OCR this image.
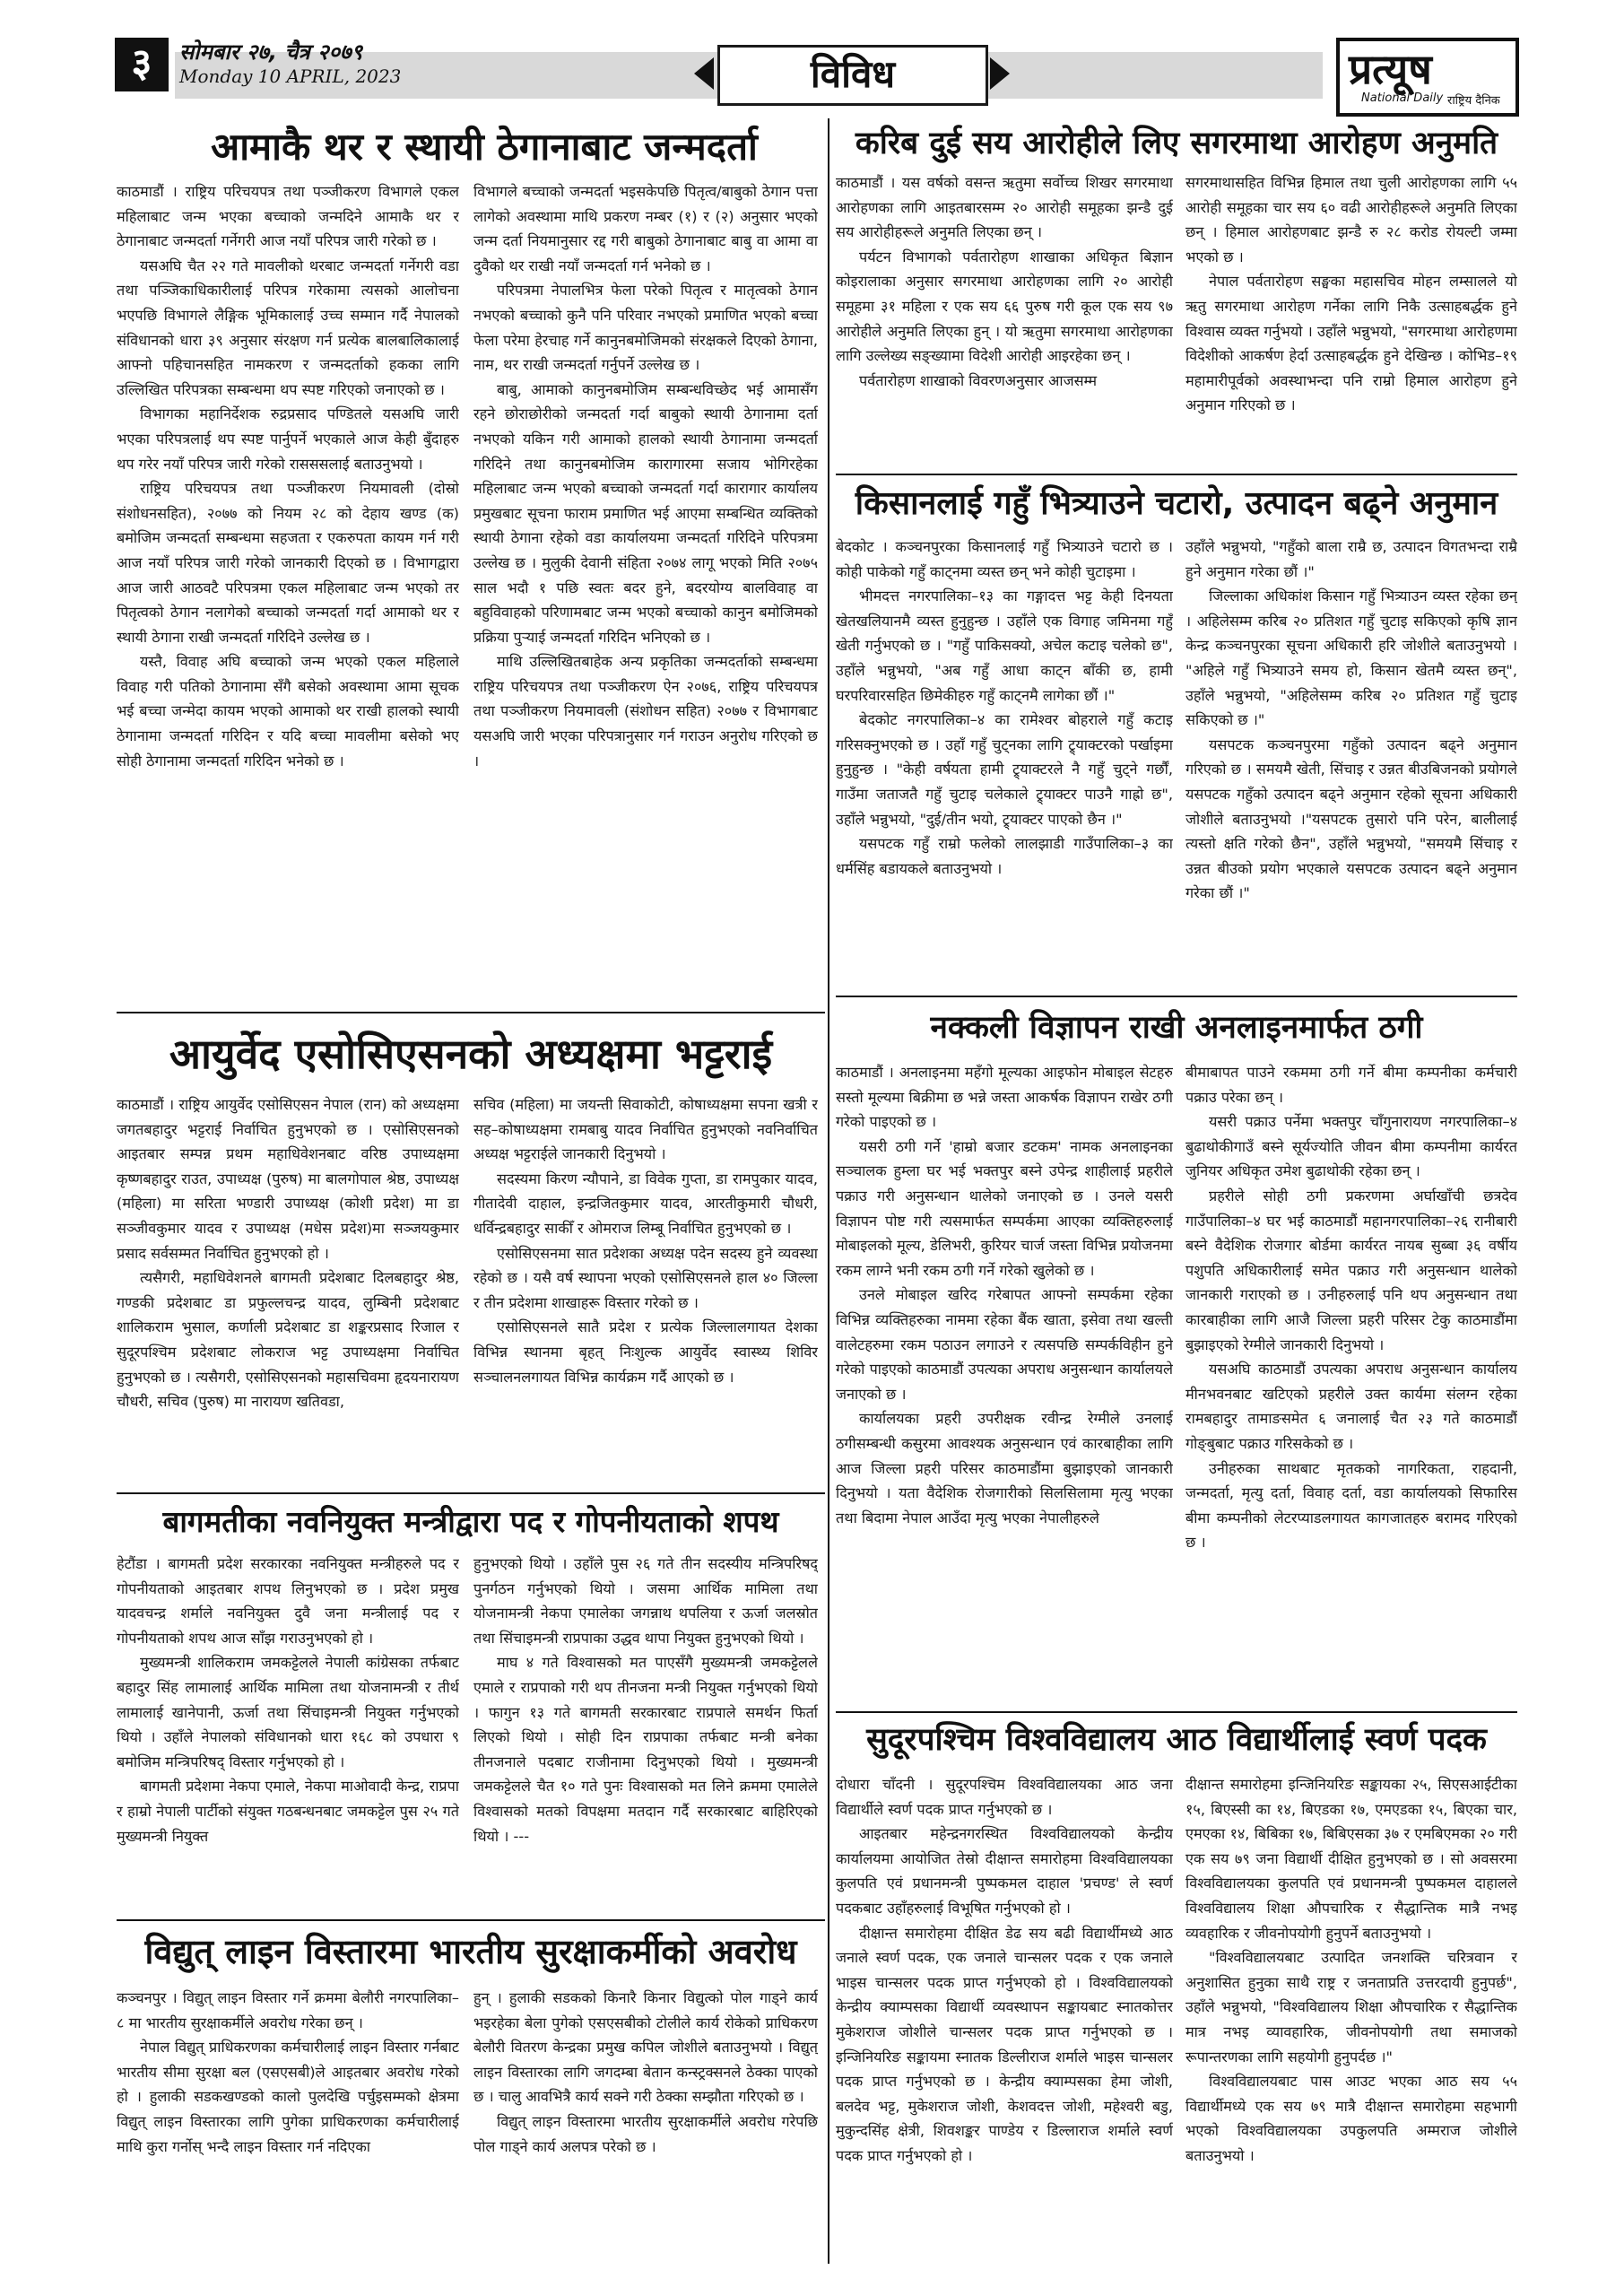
३	सोमबार २७, चैत्र २०७९
Monday 10 APRIL, 2023	विविध	प्रत्यूष
National Daily राष्ट्रिय दैनिक
आमाकै थर र स्थायी ठेगानाबाट जन्मदर्ता

काठमाडौं । राष्ट्रिय परिचयपत्र तथा पञ्जीकरण विभागले एकल महिलाबाट जन्म भएका बच्चाको जन्मदिने आमाकै थर र ठेगानाबाट जन्मदर्ता गर्नेगरी आज नयाँ परिपत्र जारी गरेको छ ।

यसअघि चैत २२ गते मावलीको थरबाट जन्मदर्ता गर्नेगरी वडा तथा पञ्जिकाधिकारीलाई परिपत्र गरेकामा त्यसको आलोचना भएपछि विभागले लैङ्गिक भूमिकालाई उच्च सम्मान गर्दै नेपालको संविधानको धारा ३९ अनुसार संरक्षण गर्न प्रत्येक बालबालिकालाई आफ्नो पहिचानसहित नामकरण र जन्मदर्ताको हकका लागि उल्लिखित परिपत्रका सम्बन्धमा थप स्पष्ट गरिएको जनाएको छ ।

विभागका महानिर्देशक रुद्रप्रसाद पण्डितले यसअघि जारी भएका परिपत्रलाई थप स्पष्ट पार्नुपर्ने भएकाले आज केही बुँदाहरु थप गरेर नयाँ परिपत्र जारी गरेको रासससलाई बताउनुभयो ।

राष्ट्रिय परिचयपत्र तथा पञ्जीकरण नियमावली (दोस्रो संशोधनसहित), २०७७ को नियम २८ को देहाय खण्ड (क) बमोजिम जन्मदर्ता सम्बन्धमा सहजता र एकरुपता कायम गर्न गरी आज नयाँ परिपत्र जारी गरेको जानकारी दिएको छ । विभागद्वारा आज जारी आठवटै परिपत्रमा एकल महिलाबाट जन्म भएको तर पितृत्वको ठेगान नलागेको बच्चाको जन्मदर्ता गर्दा आमाको थर र स्थायी ठेगाना राखी जन्मदर्ता गरिदिने उल्लेख छ ।

यस्तै, विवाह अघि बच्चाको जन्म भएको एकल महिलाले विवाह गरी पतिको ठेगानामा सँगै बसेको अवस्थामा आमा सूचक भई बच्चा जन्मेदा कायम भएको आमाको थर राखी हालको स्थायी ठेगानामा जन्मदर्ता गरिदिन र यदि बच्चा मावलीमा बसेको भए सोही ठेगानामा जन्मदर्ता गरिदिन भनेको छ ।

विभागले बच्चाको जन्मदर्ता भइसकेपछि पितृत्व/बाबुको ठेगान पत्ता लागेको अवस्थामा माथि प्रकरण नम्बर (१) र (२) अनुसार भएको जन्म दर्ता नियमानुसार रद्द गरी बाबुको ठेगानाबाट बाबु वा आमा वा दुवैको थर राखी नयाँ जन्मदर्ता गर्न भनेको छ ।

परिपत्रमा नेपालभित्र फेला परेको पितृत्व र मातृत्वको ठेगान नभएको बच्चाको कुनै पनि परिवार नभएको प्रमाणित भएको बच्चा फेला परेमा हेरचाह गर्ने कानुनबमोजिमको संरक्षकले दिएको ठेगाना, नाम, थर राखी जन्मदर्ता गर्नुपर्ने उल्लेख छ ।

बाबु, आमाको कानुनबमोजिम सम्बन्धविच्छेद भई आमासँग रहने छोराछोरीको जन्मदर्ता गर्दा बाबुको स्थायी ठेगानामा दर्ता नभएको यकिन गरी आमाको हालको स्थायी ठेगानामा जन्मदर्ता गरिदिने तथा कानुनबमोजिम कारागारमा सजाय भोगिरहेका महिलाबाट जन्म भएको बच्चाको जन्मदर्ता गर्दा कारागार कार्यालय प्रमुखबाट सूचना फाराम प्रमाणित भई आएमा सम्बन्धित व्यक्तिको स्थायी ठेगाना रहेको वडा कार्यालयमा जन्मदर्ता गरिदिने परिपत्रमा उल्लेख छ । मुलुकी देवानी संहिता २०७४ लागू भएको मिति २०७५ साल भदौ १ पछि स्वतः बदर हुने, बदरयोग्य बालविवाह वा बहुविवाहको परिणामबाट जन्म भएको बच्चाको कानुन बमोजिमको प्रक्रिया पुऱ्याई जन्मदर्ता गरिदिन भनिएको छ ।

माथि उल्लिखितबाहेक अन्य प्रकृतिका जन्मदर्ताको सम्बन्धमा राष्ट्रिय परिचयपत्र तथा पञ्जीकरण ऐन २०७६, राष्ट्रिय परिचयपत्र तथा पञ्जीकरण नियमावली (संशोधन सहित) २०७७ र विभागबाट यसअघि जारी भएका परिपत्रानुसार गर्न गराउन अनुरोध गरिएको छ ।

आयुर्वेद एसोसिएसनको अध्यक्षमा भट्टराई

काठमाडौं । राष्ट्रिय आयुर्वेद एसोसिएसन नेपाल (रान) को अध्यक्षमा जगतबहादुर भट्टराई निर्वाचित हुनुभएको छ । एसोसिएसनको आइतबार सम्पन्न प्रथम महाधिवेशनबाट वरिष्ठ उपाध्यक्षमा कृष्णबहादुर राउत, उपाध्यक्ष (पुरुष) मा बालगोपाल श्रेष्ठ, उपाध्यक्ष (महिला) मा सरिता भण्डारी उपाध्यक्ष (कोशी प्रदेश) मा डा सञ्जीवकुमार यादव र उपाध्यक्ष (मधेस प्रदेश)मा सञ्जयकुमार प्रसाद सर्वसम्मत निर्वाचित हुनुभएको हो ।

त्यसैगरी, महाधिवेशनले बागमती प्रदेशबाट दिलबहादुर श्रेष्ठ, गण्डकी प्रदेशबाट डा प्रफुल्लचन्द्र यादव, लुम्बिनी प्रदेशबाट शालिकराम भुसाल, कर्णाली प्रदेशबाट डा शङ्करप्रसाद रिजाल र सुदूरपश्चिम प्रदेशबाट लोकराज भट्ट उपाध्यक्षमा निर्वाचित हुनुभएको छ । त्यसैगरी, एसोसिएसनको महासचिवमा हृदयनारायण चौधरी, सचिव (पुरुष) मा नारायण खतिवडा,

सचिव (महिला) मा जयन्ती सिवाकोटी, कोषाध्यक्षमा सपना खत्री र सह–कोषाध्यक्षमा रामबाबु यादव निर्वाचित हुनुभएको नवनिर्वाचित अध्यक्ष भट्टराईले जानकारी दिनुभयो ।

सदस्यमा किरण न्यौपाने, डा विवेक गुप्ता, डा रामपुकार यादव, गीतादेवी दाहाल, इन्द्रजितकुमार यादव, आरतीकुमारी चौधरी, धर्विन्द्रबहादुर साकीँ र ओमराज लिम्बू निर्वाचित हुनुभएको छ ।

एसोसिएसनमा सात प्रदेशका अध्यक्ष पदेन सदस्य हुने व्यवस्था रहेको छ । यसै वर्ष स्थापना भएको एसोसिएसनले हाल ४० जिल्ला र तीन प्रदेशमा शाखाहरू विस्तार गरेको छ ।

एसोसिएसनले सातै प्रदेश र प्रत्येक जिल्लालगायत देशका विभिन्न स्थानमा बृहत् निःशुल्क आयुर्वेद स्वास्थ्य शिविर सञ्चालनलगायत विभिन्न कार्यक्रम गर्दै आएको छ ।

बागमतीका नवनियुक्त मन्त्रीद्वारा पद र गोपनीयताको शपथ

हेटौंडा । बागमती प्रदेश सरकारका नवनियुक्त मन्त्रीहरुले पद र गोपनीयताको आइतबार शपथ लिनुभएको छ । प्रदेश प्रमुख यादवचन्द्र शर्माले नवनियुक्त दुवै जना मन्त्रीलाई पद र गोपनीयताको शपथ आज साँझ गराउनुभएको हो ।

मुख्यमन्त्री शालिकराम जमकट्टेलले नेपाली कांग्रेसका तर्फबाट बहादुर सिंह लामालाई आर्थिक मामिला तथा योजनामन्त्री र तीर्थ लामालाई खानेपानी, ऊर्जा तथा सिंचाइमन्त्री नियुक्त गर्नुभएको थियो । उहाँले नेपालको संविधानको धारा १६८ को उपधारा ९ बमोजिम मन्त्रिपरिषद् विस्तार गर्नुभएको हो ।

बागमती प्रदेशमा नेकपा एमाले, नेकपा माओवादी केन्द्र, राप्रपा र हाम्रो नेपाली पार्टीको संयुक्त गठबन्धनबाट जमकट्टेल पुस २५ गते मुख्यमन्त्री नियुक्त

हुनुभएको थियो । उहाँले पुस २६ गते तीन सदस्यीय मन्त्रिपरिषद् पुनर्गठन गर्नुभएको थियो । जसमा आर्थिक मामिला तथा योजनामन्त्री नेकपा एमालेका जगन्नाथ थपलिया र ऊर्जा जलस्रोत तथा सिंचाइमन्त्री राप्रपाका उद्धव थापा नियुक्त हुनुभएको थियो ।

माघ ४ गते विश्वासको मत पाएसँगै मुख्यमन्त्री जमकट्टेलले एमाले र राप्रपाको गरी थप तीनजना मन्त्री नियुक्त गर्नुभएको थियो । फागुन १३ गते बागमती सरकारबाट राप्रपाले समर्थन फिर्ता लिएको थियो । सोही दिन राप्रपाका तर्फबाट मन्त्री बनेका तीनजनाले पदबाट राजीनामा दिनुभएको थियो । मुख्यमन्त्री जमकट्टेलले चैत १० गते पुनः विश्वासको मत लिने क्रममा एमालेले विश्वासको मतको विपक्षमा मतदान गर्दै सरकारबाट बाहिरिएको थियो । ---

विद्युत् लाइन विस्तारमा भारतीय सुरक्षाकर्मीको अवरोध

कञ्चनपुर । विद्युत् लाइन विस्तार गर्ने क्रममा बेलौरी नगरपालिका–८ मा भारतीय सुरक्षाकर्मीले अवरोध गरेका छन् ।

नेपाल विद्युत् प्राधिकरणका कर्मचारीलाई लाइन विस्तार गर्नबाट भारतीय सीमा सुरक्षा बल (एसएसबी)ले आइतबार अवरोध गरेको हो । हुलाकी सडकखण्डको कालो पुलदेखि पर्चुइसम्मको क्षेत्रमा विद्युत् लाइन विस्तारका लागि पुगेका प्राधिकरणका कर्मचारीलाई माथि कुरा गर्नोस् भन्दै लाइन विस्तार गर्न नदिएका

हुन् । हुलाकी सडकको किनारै किनार विद्युत्को पोल गाड्ने कार्य भइरहेका बेला पुगेको एसएसबीको टोलीले कार्य रोकेको प्राधिकरण बेलौरी वितरण केन्द्रका प्रमुख कपिल जोशीले बताउनुभयो । विद्युत् लाइन विस्तारका लागि जगदम्बा बेतान कन्स्ट्रक्सनले ठेक्का पाएको छ । चालु आवभित्रै कार्य सक्ने गरी ठेक्का सम्झौता गरिएको छ ।

विद्युत् लाइन विस्तारमा भारतीय सुरक्षाकर्मीले अवरोध गरेपछि पोल गाड्ने कार्य अलपत्र परेको छ ।

करिब दुई सय आरोहीले लिए सगरमाथा आरोहण अनुमति

काठमाडौं । यस वर्षको वसन्त ऋतुमा सर्वोच्च शिखर सगरमाथा आरोहणका लागि आइतबारसम्म २० आरोही समूहका झन्डै दुई सय आरोहीहरूले अनुमति लिएका छन् ।

पर्यटन विभागको पर्वतारोहण शाखाका अधिकृत बिज्ञान कोइरालाका अनुसार सगरमाथा आरोहणका लागि २० आरोही समूहमा ३१ महिला र एक सय ६६ पुरुष गरी कूल एक सय ९७ आरोहीले अनुमति लिएका हुन् । यो ऋतुमा सगरमाथा आरोहणका लागि उल्लेख्य सङ्ख्यामा विदेशी आरोही आइरहेका छन् ।

पर्वतारोहण शाखाको विवरणअनुसार आजसम्म

सगरमाथासहित विभिन्न हिमाल तथा चुली आरोहणका लागि ५५ आरोही समूहका चार सय ६० वढी आरोहीहरूले अनुमति लिएका छन् । हिमाल आरोहणबाट झन्डै रु २८ करोड रोयल्टी जम्मा भएको छ ।

नेपाल पर्वतारोहण सङ्घका महासचिव मोहन लम्सालले यो ऋतु सगरमाथा आरोहण गर्नेका लागि निकै उत्साहबर्द्धक हुने विश्वास व्यक्त गर्नुभयो । उहाँले भन्नुभयो, "सगरमाथा आरोहणमा विदेशीको आकर्षण हेर्दा उत्साहबर्द्धक हुने देखिन्छ । कोभिड–१९ महामारीपूर्वको अवस्थाभन्दा पनि राम्रो हिमाल आरोहण हुने अनुमान गरिएको छ ।

किसानलाई गहुँ भित्र्याउने चटारो, उत्पादन बढ्ने अनुमान

बेदकोट । कञ्चनपुरका किसानलाई गहुँ भित्र्याउने चटारो छ । कोही पाकेको गहुँ काट्नमा व्यस्त छन् भने कोही चुटाइमा ।

भीमदत्त नगरपालिका–१३ का गङ्गादत्त भट्ट केही दिनयता खेतखलियानमै व्यस्त हुनुहुन्छ । उहाँले एक विगाह जमिनमा गहुँ खेती गर्नुभएको छ । "गहुँ पाकिसक्यो, अचेल कटाइ चलेको छ", उहाँले भन्नुभयो, "अब गहुँ आधा काट्न बाँकी छ, हामी घरपरिवारसहित छिमेकीहरु गहुँ काट्नमै लागेका छौं ।"

बेदकोट नगरपालिका–४ का रामेश्वर बोहराले गहुँ कटाइ गरिसक्नुभएको छ । उहाँ गहुँ चुट्नका लागि ट्र्याक्टरको पर्खाइमा हुनुहुन्छ । "केही वर्षयता हामी ट्र्याक्टरले नै गहुँ चुट्ने गर्छौं, गाउँमा जताजतै गहुँ चुटाइ चलेकाले ट्र्याक्टर पाउनै गाह्रो छ", उहाँले भन्नुभयो, "दुई/तीन भयो, ट्र्याक्टर पाएको छैन ।"

यसपटक गहुँ राम्रो फलेको लालझाडी गाउँपालिका–३ का धर्मसिंह बडायकले बताउनुभयो ।

उहाँले भन्नुभयो, "गहुँको बाला राम्रै छ, उत्पादन विगतभन्दा राम्रै हुने अनुमान गरेका छौं ।"

जिल्लाका अधिकांश किसान गहुँ भित्र्याउन व्यस्त रहेका छन् । अहिलेसम्म करिब २० प्रतिशत गहुँ चुटाइ सकिएको कृषि ज्ञान केन्द्र कञ्चनपुरका सूचना अधिकारी हरि जोशीले बताउनुभयो । "अहिले गहुँ भित्र्याउने समय हो, किसान खेतमै व्यस्त छन्", उहाँले भन्नुभयो, "अहिलेसम्म करिब २० प्रतिशत गहुँ चुटाइ सकिएको छ ।"

यसपटक कञ्चनपुरमा गहुँको उत्पादन बढ्ने अनुमान गरिएको छ । समयमै खेती, सिंचाइ र उन्नत बीउबिजनको प्रयोगले यसपटक गहुँको उत्पादन बढ्ने अनुमान रहेको सूचना अधिकारी जोशीले बताउनुभयो ।"यसपटक तुसारो पनि परेन, बालीलाई त्यस्तो क्षति गरेको छैन", उहाँले भन्नुभयो, "समयमै सिंचाइ र उन्नत बीउको प्रयोग भएकाले यसपटक उत्पादन बढ्ने अनुमान गरेका छौं ।"

नक्कली विज्ञापन राखी अनलाइनमार्फत ठगी

काठमाडौं । अनलाइनमा महँगो मूल्यका आइफोन मोबाइल सेटहरु सस्तो मूल्यमा बिक्रीमा छ भन्ने जस्ता आकर्षक विज्ञापन राखेर ठगी गरेको पाइएको छ ।

यसरी ठगी गर्ने 'हाम्रो बजार डटकम' नामक अनलाइनका सञ्चालक हुम्ला घर भई भक्तपुर बस्ने उपेन्द्र शाहीलाई प्रहरीले पक्राउ गरी अनुसन्धान थालेको जनाएको छ । उनले यसरी विज्ञापन पोष्ट गरी त्यसमार्फत सम्पर्कमा आएका व्यक्तिहरुलाई मोबाइलको मूल्य, डेलिभरी, कुरियर चार्ज जस्ता विभिन्न प्रयोजनमा रकम लाग्ने भनी रकम ठगी गर्ने गरेको खुलेको छ ।

उनले मोबाइल खरिद गरेबापत आफ्नो सम्पर्कमा रहेका विभिन्न व्यक्तिहरुका नाममा रहेका बैंक खाता, इसेवा तथा खल्ती वालेटहरुमा रकम पठाउन लगाउने र त्यसपछि सम्पर्कविहीन हुने गरेको पाइएको काठमाडौं उपत्यका अपराध अनुसन्धान कार्यालयले जनाएको छ ।

कार्यालयका प्रहरी उपरीक्षक रवीन्द्र रेग्मीले उनलाई ठगीसम्बन्धी कसुरमा आवश्यक अनुसन्धान एवं कारबाहीका लागि आज जिल्ला प्रहरी परिसर काठमाडौंमा बुझाइएको जानकारी दिनुभयो । यता वैदेशिक रोजगारीको सिलसिलामा मृत्यु भएका तथा बिदामा नेपाल आउँदा मृत्यु भएका नेपालीहरुले

बीमाबापत पाउने रकममा ठगी गर्ने बीमा कम्पनीका कर्मचारी पक्राउ परेका छन् ।

यसरी पक्राउ पर्नेमा भक्तपुर चाँगुनारायण नगरपालिका–४ बुढाथोकीगाउँ बस्ने सूर्यज्योति जीवन बीमा कम्पनीमा कार्यरत जुनियर अधिकृत उमेश बुढाथोकी रहेका छन् ।

प्रहरीले सोही ठगी प्रकरणमा अर्घाखाँची छत्रदेव गाउँपालिका–४ घर भई काठमाडौं महानगरपालिका–२६ रानीबारी बस्ने वैदेशिक रोजगार बोर्डमा कार्यरत नायब सुब्बा ३६ वर्षीय पशुपति अधिकारीलाई समेत पक्राउ गरी अनुसन्धान थालेको जानकारी गराएको छ । उनीहरुलाई पनि थप अनुसन्धान तथा कारबाहीका लागि आजै जिल्ला प्रहरी परिसर टेकु काठमाडौंमा बुझाइएको रेग्मीले जानकारी दिनुभयो ।

यसअघि काठमाडौं उपत्यका अपराध अनुसन्धान कार्यालय मीनभवनबाट खटिएको प्रहरीले उक्त कार्यमा संलग्न रहेका रामबहादुर तामाङसमेत ६ जनालाई चैत २३ गते काठमाडौं गोङ्बुबाट पक्राउ गरिसकेको छ ।

उनीहरुका साथबाट मृतकको नागरिकता, राहदानी, जन्मदर्ता, मृत्यु दर्ता, विवाह दर्ता, वडा कार्यालयको सिफारिस बीमा कम्पनीको लेटरप्याडलगायत कागजातहरु बरामद गरिएको छ ।

सुदूरपश्चिम विश्वविद्यालय आठ विद्यार्थीलाई स्वर्ण पदक

दोधारा चाँदनी । सुदूरपश्चिम विश्वविद्यालयका आठ जना विद्यार्थीले स्वर्ण पदक प्राप्त गर्नुभएको छ ।

आइतबार महेन्द्रनगरस्थित विश्वविद्यालयको केन्द्रीय कार्यालयमा आयोजित तेस्रो दीक्षान्त समारोहमा विश्वविद्यालयका कुलपति एवं प्रधानमन्त्री पुष्पकमल दाहाल 'प्रचण्ड' ले स्वर्ण पदकबाट उहाँहरुलाई विभूषित गर्नुभएको हो ।

दीक्षान्त समारोहमा दीक्षित डेढ सय बढी विद्यार्थीमध्ये आठ जनाले स्वर्ण पदक, एक जनाले चान्सलर पदक र एक जनाले भाइस चान्सलर पदक प्राप्त गर्नुभएको हो । विश्वविद्यालयको केन्द्रीय क्याम्पसका विद्यार्थी व्यवस्थापन सङ्कायबाट स्नातकोत्तर मुकेशराज जोशीले चान्सलर पदक प्राप्त गर्नुभएको छ । इन्जिनियरिङ सङ्कायमा स्नातक डिल्लीराज शर्माले भाइस चान्सलर पदक प्राप्त गर्नुभएको छ । केन्द्रीय क्याम्पसका हेमा जोशी, बलदेव भट्ट, मुकेशराज जोशी, केशवदत्त जोशी, महेश्वरी बडु, मुकुन्दसिंह क्षेत्री, शिवशङ्कर पाण्डेय र डिल्लाराज शर्माले स्वर्ण पदक प्राप्त गर्नुभएको हो ।

दीक्षान्त समारोहमा इन्जिनियरिङ सङ्कायका २५, सिएसआईटीका १५, बिएस्सी का १४, बिएडका १७, एमएडका १५, बिएका चार, एमएका १४, बिबिका १७, बिबिएसका ३७ र एमबिएमका २० गरी एक सय ७९ जना विद्यार्थी दीक्षित हुनुभएको छ । सो अवसरमा विश्वविद्यालयका कुलपति एवं प्रधानमन्त्री पुष्पकमल दाहालले विश्वविद्यालय शिक्षा औपचारिक र सैद्धान्तिक मात्रै नभइ व्यवहारिक र जीवनोपयोगी हुनुपर्ने बताउनुभयो ।

"विश्वविद्यालयबाट उत्पादित जनशक्ति चरित्रवान र अनुशासित हुनुका साथै राष्ट्र र जनताप्रति उत्तरदायी हुनुपर्छ", उहाँले भन्नुभयो, "विश्वविद्यालय शिक्षा औपचारिक र सैद्धान्तिक मात्र नभइ व्यावहारिक, जीवनोपयोगी तथा समाजको रूपान्तरणका लागि सहयोगी हुनुपर्दछ ।"

विश्वविद्यालयबाट पास आउट भएका आठ सय ५५ विद्यार्थीमध्ये एक सय ७९ मात्रै दीक्षान्त समारोहमा सहभागी भएको विश्वविद्यालयका उपकुलपति अम्मराज जोशीले बताउनुभयो ।
